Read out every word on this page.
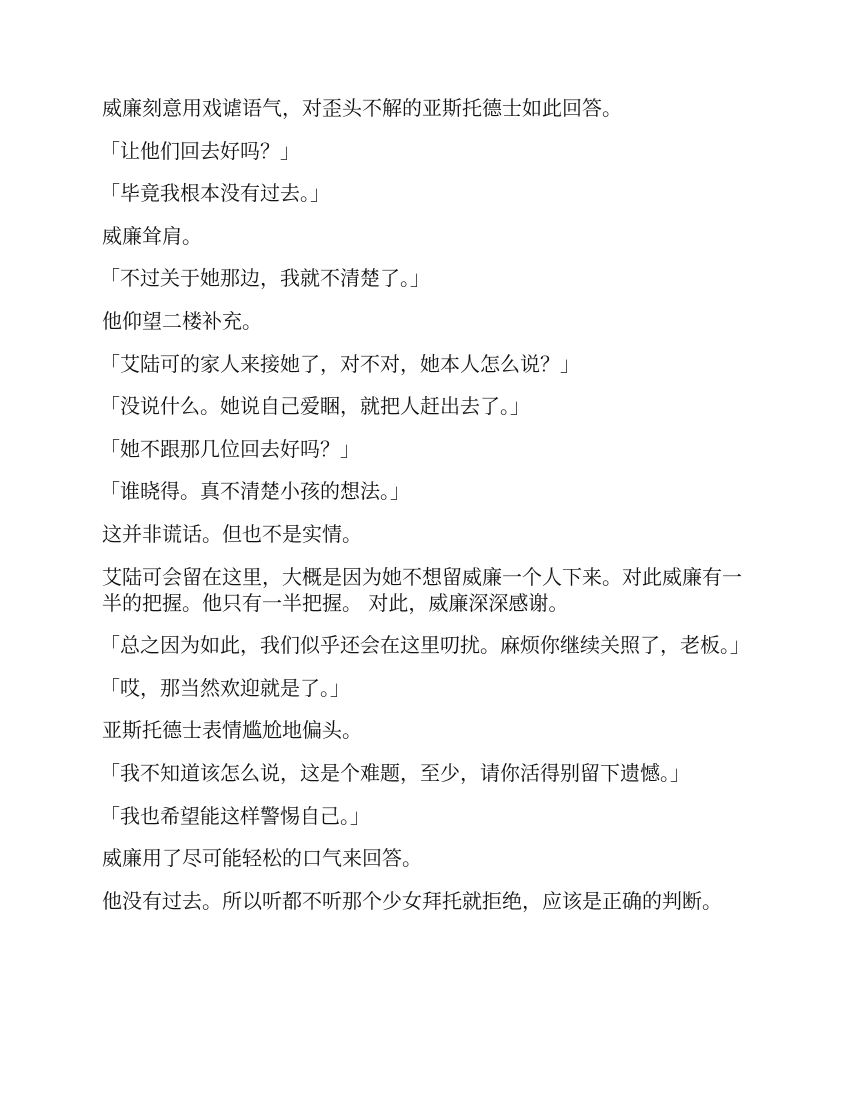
威廉刻意用戏谑语气，对歪头不解的亚斯托德士如此回答。

「让他们回去好吗？」

「毕竟我根本没有过去。」

威廉耸肩。

「不过关于她那边，我就不清楚了。」

他仰望二楼补充。

「艾陆可的家人来接她了，对不对，她本人怎么说？」

「没说什么。她说自己爱睏，就把人赶出去了。」

「她不跟那几位回去好吗？」

「谁晓得。真不清楚小孩的想法。」

这并非谎话。但也不是实情。

艾陆可会留在这里，大概是因为她不想留威廉一个人下来。对此威廉有一半的把握。他只有一半把握。 对此，威廉深深感谢。

「总之因为如此，我们似乎还会在这里叨扰。麻烦你继续关照了，老板。」

「哎，那当然欢迎就是了。」

亚斯托德士表情尴尬地偏头。

「我不知道该怎么说，这是个难题，至少，请你活得别留下遗憾。」

「我也希望能这样警惕自己。」

威廉用了尽可能轻松的口气来回答。

他没有过去。所以听都不听那个少女拜托就拒绝，应该是正确的判断。
